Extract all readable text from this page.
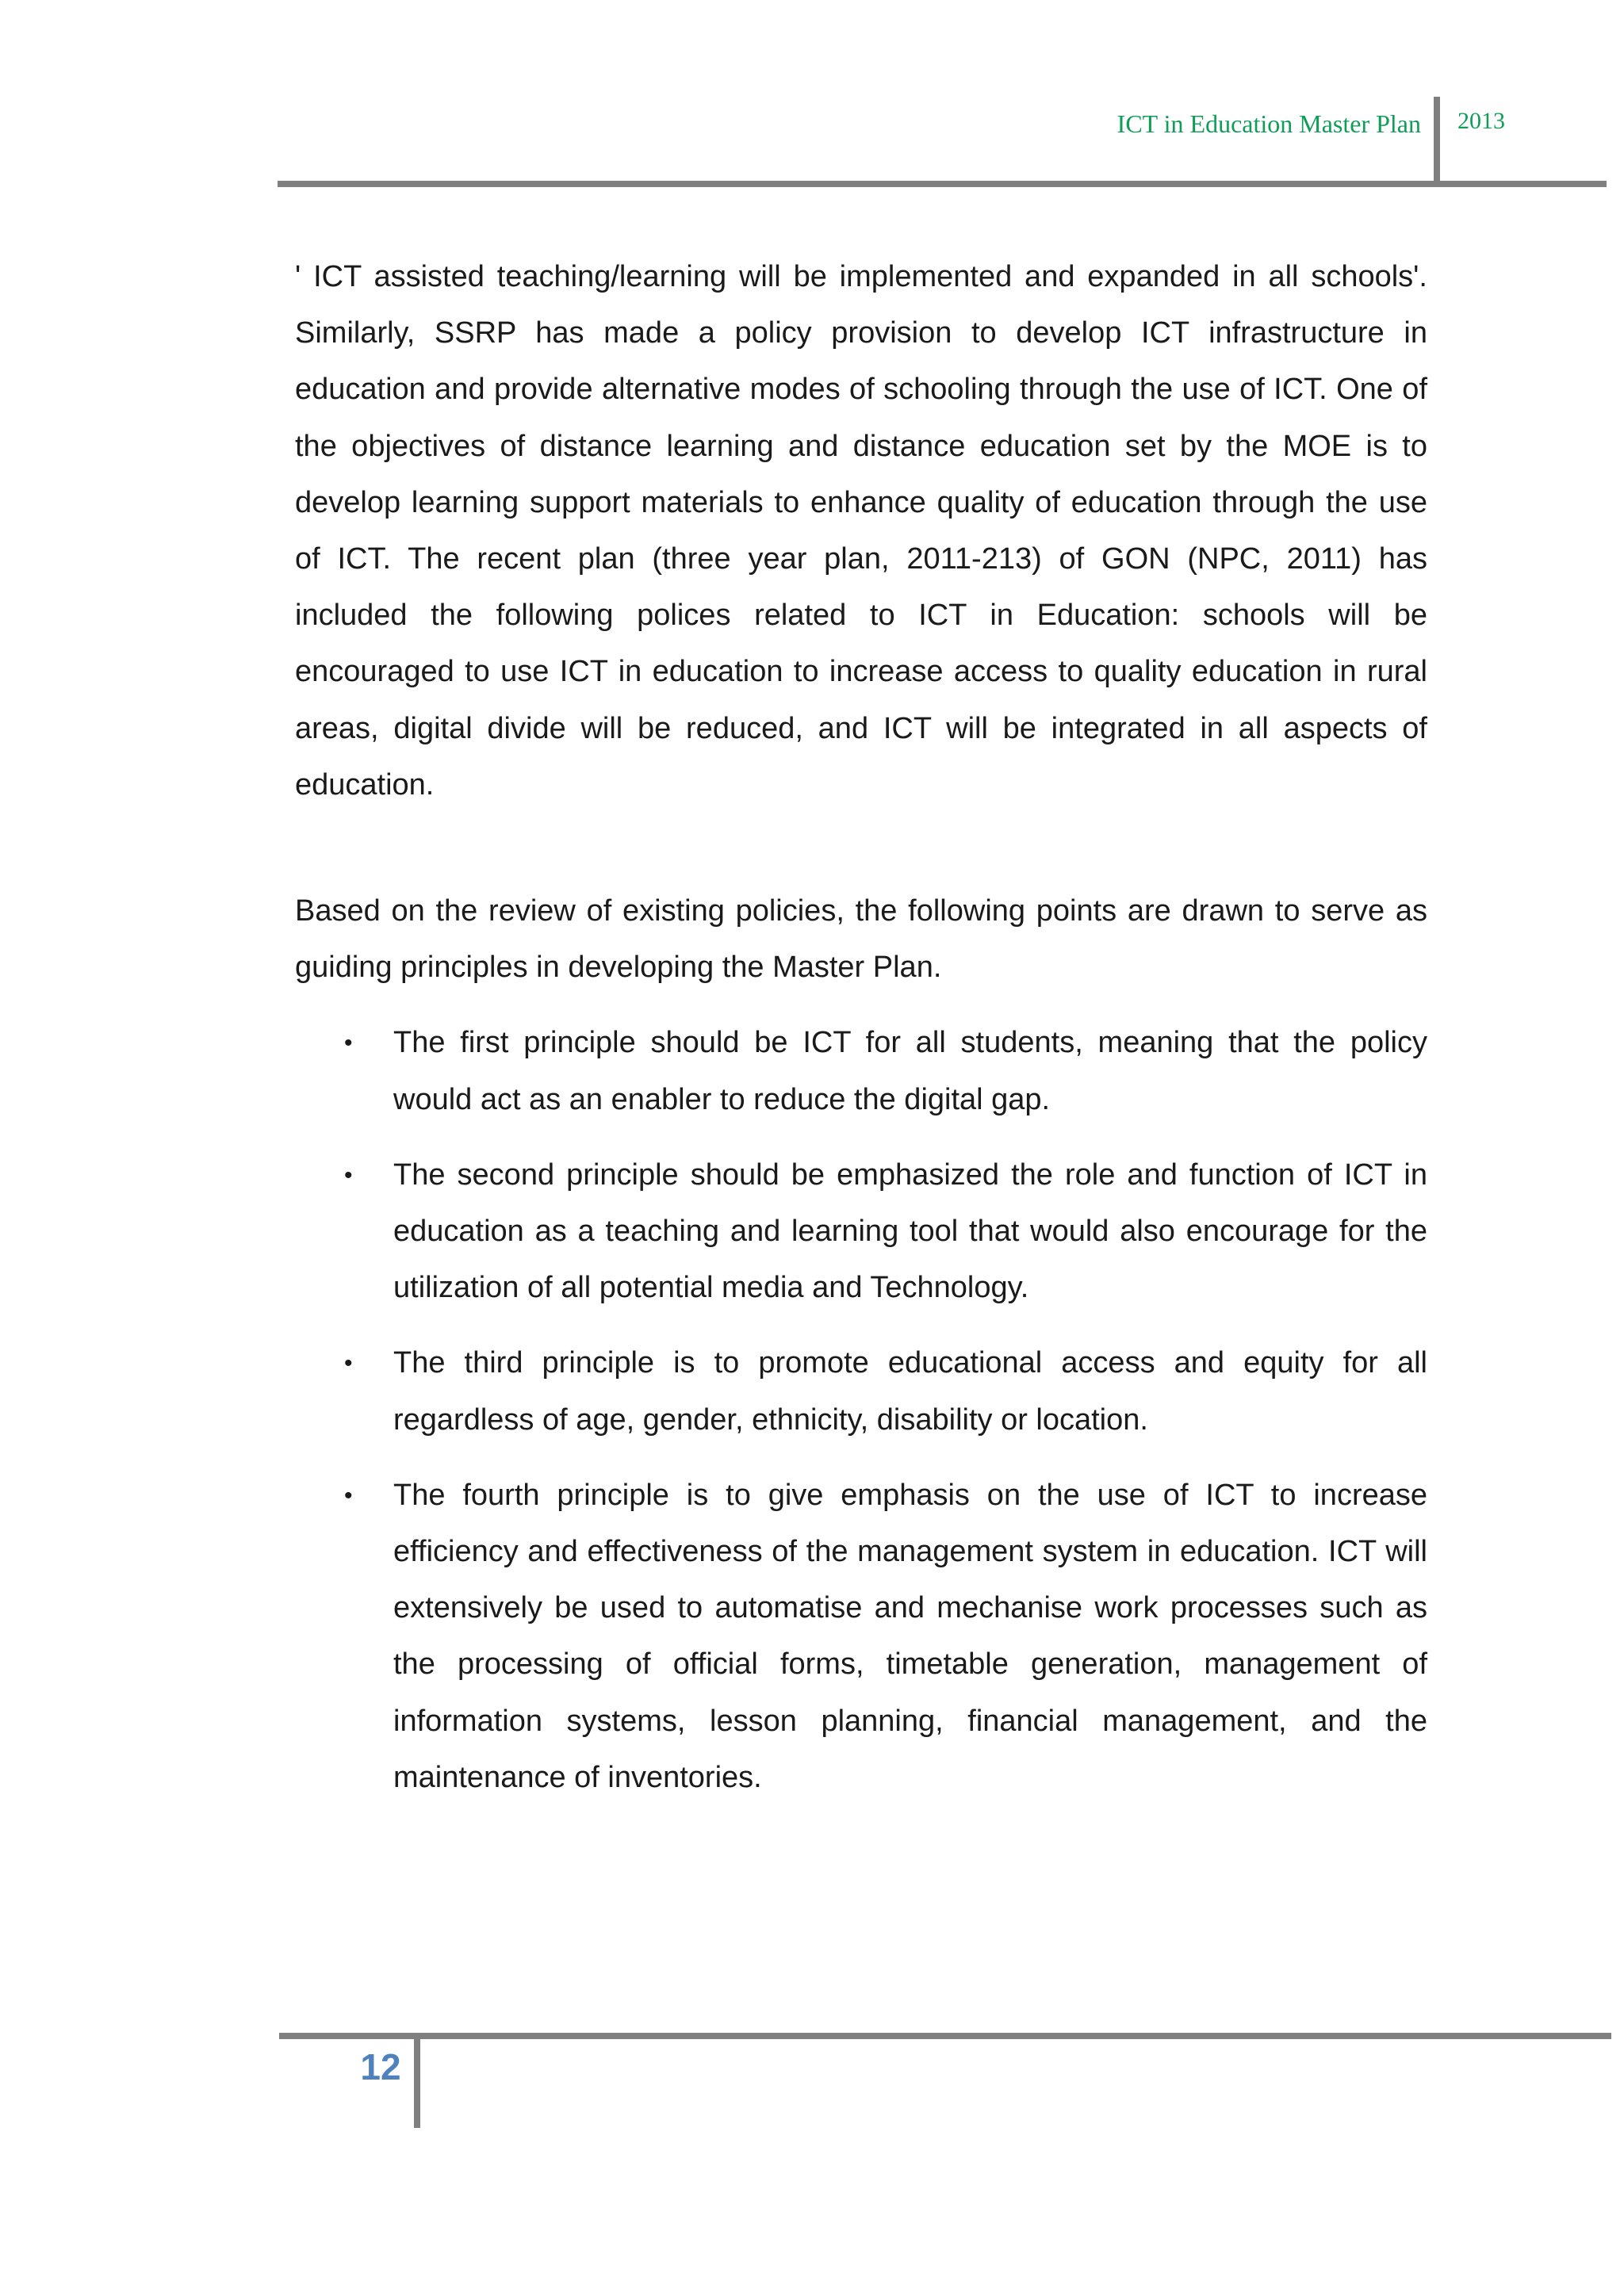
ICT in Education Master Plan 2013

' ICT assisted teaching/learning will be implemented and expanded in all schools'. Similarly, SSRP has made a policy provision to develop ICT infrastructure in education and provide alternative modes of schooling through the use of ICT. One of the objectives of distance learning and distance education set by the MOE is to develop learning support materials to enhance quality of education through the use of ICT. The recent plan (three year plan, 2011-213) of GON (NPC, 2011) has included the following polices related to ICT in Education: schools will be encouraged to use ICT in education to increase access to quality education in rural areas, digital divide will be reduced, and ICT will be integrated in all aspects of education.

Based on the review of existing policies, the following points are drawn to serve as guiding principles in developing the Master Plan.

• The first principle should be ICT for all students, meaning that the policy would act as an enabler to reduce the digital gap.
• The second principle should be emphasized the role and function of ICT in education as a teaching and learning tool that would also encourage for the utilization of all potential media and Technology.
• The third principle is to promote educational access and equity for all regardless of age, gender, ethnicity, disability or location.
• The fourth principle is to give emphasis on the use of ICT to increase efficiency and effectiveness of the management system in education. ICT will extensively be used to automatise and mechanise work processes such as the processing of official forms, timetable generation, management of information systems, lesson planning, financial management, and the maintenance of inventories.
12
